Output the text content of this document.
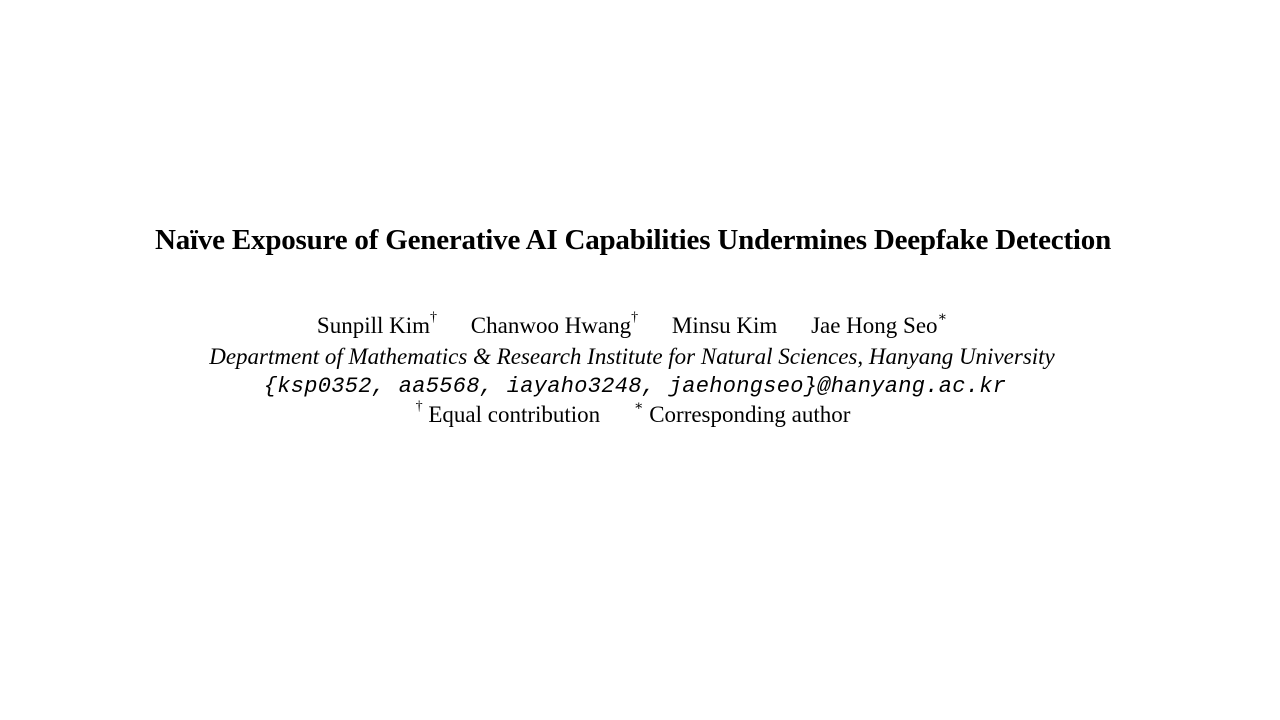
Naïve Exposure of Generative AI Capabilities Undermines Deepfake Detection
Sunpill Kim† Chanwoo Hwang† Minsu Kim Jae Hong Seo∗
Department of Mathematics & Research Institute for Natural Sciences, Hanyang University
{ksp0352, aa5568, iayaho3248, jaehongseo}@hanyang.ac.kr
† Equal contribution ∗ Corresponding author
